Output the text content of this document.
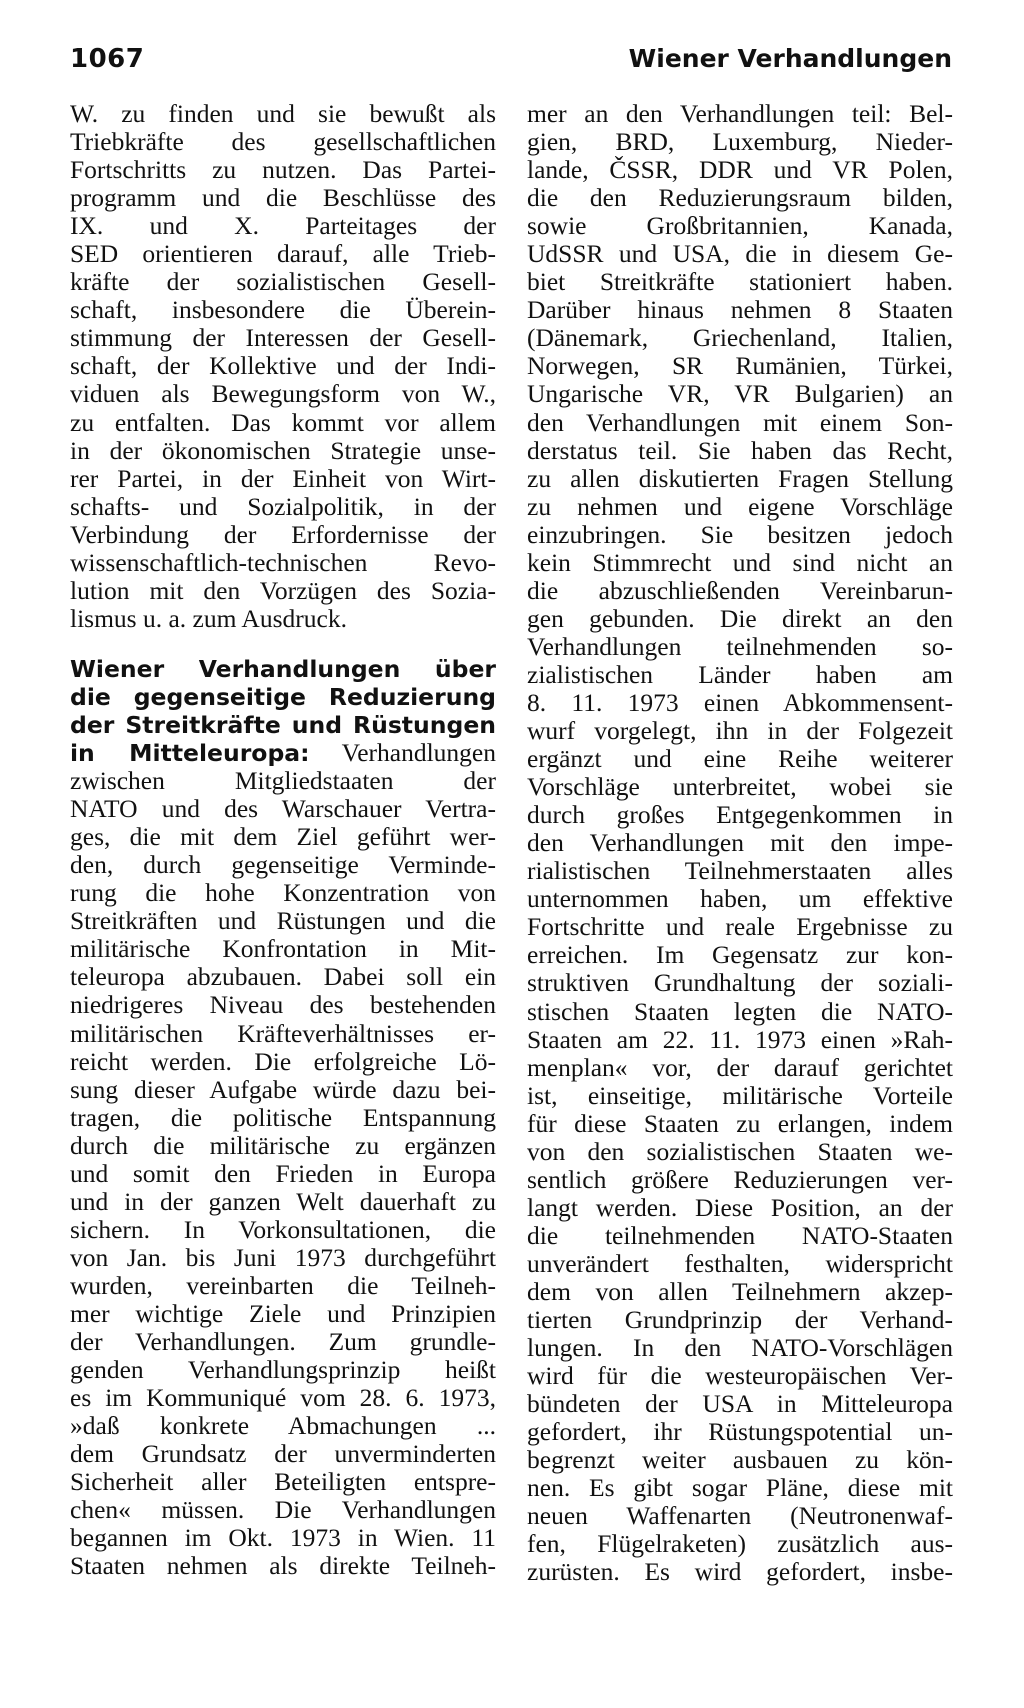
1067	Wiener Verhandlungen
W. zu finden und sie bewußt als
Triebkräfte des gesellschaftlichen
Fortschritts zu nutzen. Das Partei-
programm und die Beschlüsse des
IX. und X. Parteitages der
SED orientieren darauf, alle Trieb-
kräfte der sozialistischen Gesell-
schaft, insbesondere die Überein-
stimmung der Interessen der Gesell-
schaft, der Kollektive und der Indi-
viduen als Bewegungsform von W.,
zu entfalten. Das kommt vor allem
in der ökonomischen Strategie unse-
rer Partei, in der Einheit von Wirt-
schafts- und Sozialpolitik, in der
Verbindung der Erfordernisse der
wissenschaftlich-technischen Revo-
lution mit den Vorzügen des Sozia-
lismus u. a. zum Ausdruck.
Wiener Verhandlungen über
die gegenseitige Reduzierung
der Streitkräfte und Rüstungen
in Mitteleuropa: Verhandlungen
zwischen Mitgliedstaaten der
NATO und des Warschauer Vertra-
ges, die mit dem Ziel geführt wer-
den, durch gegenseitige Verminde-
rung die hohe Konzentration von
Streitkräften und Rüstungen und die
militärische Konfrontation in Mit-
teleuropa abzubauen. Dabei soll ein
niedrigeres Niveau des bestehenden
militärischen Kräfteverhältnisses er-
reicht werden. Die erfolgreiche Lö-
sung dieser Aufgabe würde dazu bei-
tragen, die politische Entspannung
durch die militärische zu ergänzen
und somit den Frieden in Europa
und in der ganzen Welt dauerhaft zu
sichern. In Vorkonsultationen, die
von Jan. bis Juni 1973 durchgeführt
wurden, vereinbarten die Teilneh-
mer wichtige Ziele und Prinzipien
der Verhandlungen. Zum grundle-
genden Verhandlungsprinzip heißt
es im Kommuniqué vom 28. 6. 1973,
»daß konkrete Abmachungen ...
dem Grundsatz der unverminderten
Sicherheit aller Beteiligten entspre-
chen« müssen. Die Verhandlungen
begannen im Okt. 1973 in Wien. 11
Staaten nehmen als direkte Teilneh-
mer an den Verhandlungen teil: Bel-
gien, BRD, Luxemburg, Nieder-
lande, ČSSR, DDR und VR Polen,
die den Reduzierungsraum bilden,
sowie Großbritannien, Kanada,
UdSSR und USA, die in diesem Ge-
biet Streitkräfte stationiert haben.
Darüber hinaus nehmen 8 Staaten
(Dänemark, Griechenland, Italien,
Norwegen, SR Rumänien, Türkei,
Ungarische VR, VR Bulgarien) an
den Verhandlungen mit einem Son-
derstatus teil. Sie haben das Recht,
zu allen diskutierten Fragen Stellung
zu nehmen und eigene Vorschläge
einzubringen. Sie besitzen jedoch
kein Stimmrecht und sind nicht an
die abzuschließenden Vereinbarun-
gen gebunden. Die direkt an den
Verhandlungen teilnehmenden so-
zialistischen Länder haben am
8. 11. 1973 einen Abkommensent-
wurf vorgelegt, ihn in der Folgezeit
ergänzt und eine Reihe weiterer
Vorschläge unterbreitet, wobei sie
durch großes Entgegenkommen in
den Verhandlungen mit den impe-
rialistischen Teilnehmerstaaten alles
unternommen haben, um effektive
Fortschritte und reale Ergebnisse zu
erreichen. Im Gegensatz zur kon-
struktiven Grundhaltung der soziali-
stischen Staaten legten die NATO-
Staaten am 22. 11. 1973 einen »Rah-
menplan« vor, der darauf gerichtet
ist, einseitige, militärische Vorteile
für diese Staaten zu erlangen, indem
von den sozialistischen Staaten we-
sentlich größere Reduzierungen ver-
langt werden. Diese Position, an der
die teilnehmenden NATO-Staaten
unverändert festhalten, widerspricht
dem von allen Teilnehmern akzep-
tierten Grundprinzip der Verhand-
lungen. In den NATO-Vorschlägen
wird für die westeuropäischen Ver-
bündeten der USA in Mitteleuropa
gefordert, ihr Rüstungspotential un-
begrenzt weiter ausbauen zu kön-
nen. Es gibt sogar Pläne, diese mit
neuen Waffenarten (Neutronenwaf-
fen, Flügelraketen) zusätzlich aus-
zurüsten. Es wird gefordert, insbe-
